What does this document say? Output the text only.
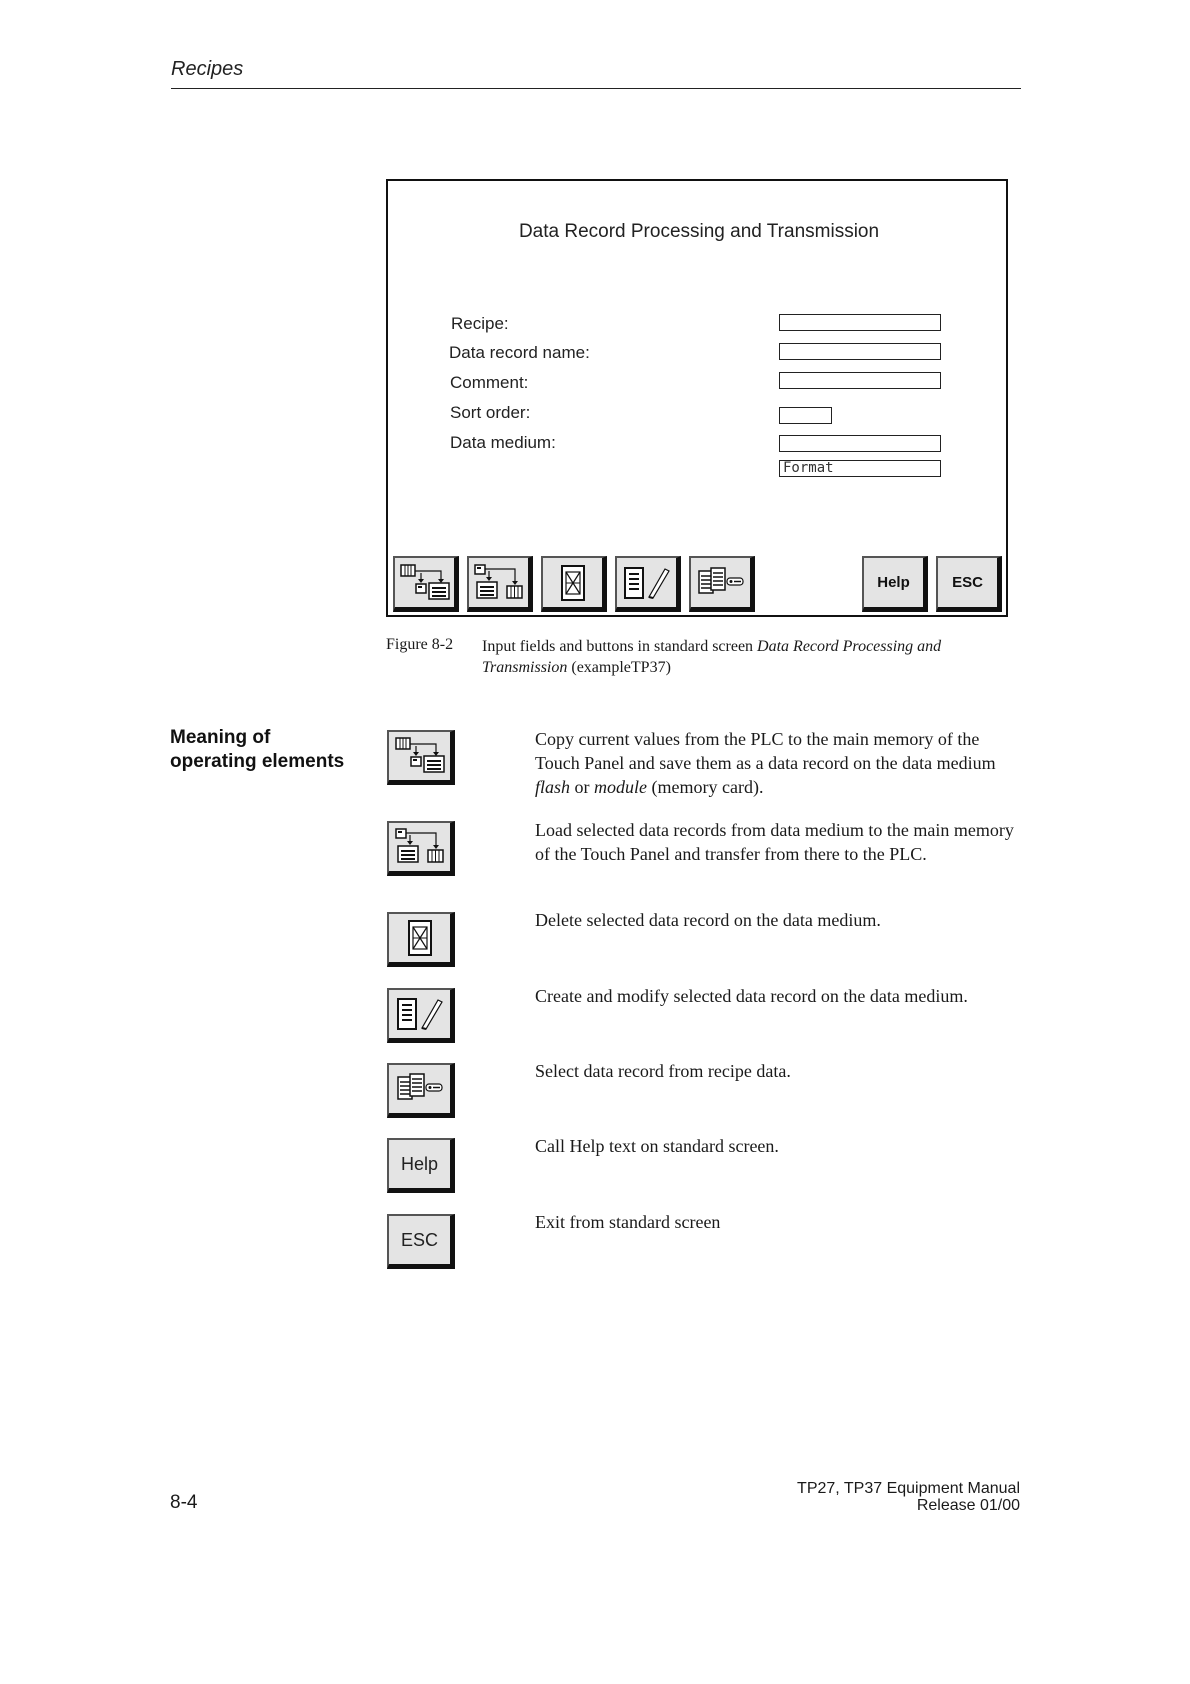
Recipes
Data Record Processing and Transmission
Recipe:
Data record name:
Comment:
Sort order:
Data medium:
Format
Help	ESC
Figure 8-2 Input fields and buttons in standard screen Data Record Processing and Transmission (exampleTP37)
Meaning of
operating elements
Copy current values from the PLC to the main memory of the Touch Panel and save them as a data record on the data medium flash or module (memory card).
Load selected data records from data medium to the main memory of the Touch Panel and transfer from there to the PLC.
Delete selected data record on the data medium.
Create and modify selected data record on the data medium.
Select data record from recipe data.
Help
Call Help text on standard screen.
ESC
Exit from standard screen
8-4
TP27, TP37 Equipment Manual
Release 01/00
